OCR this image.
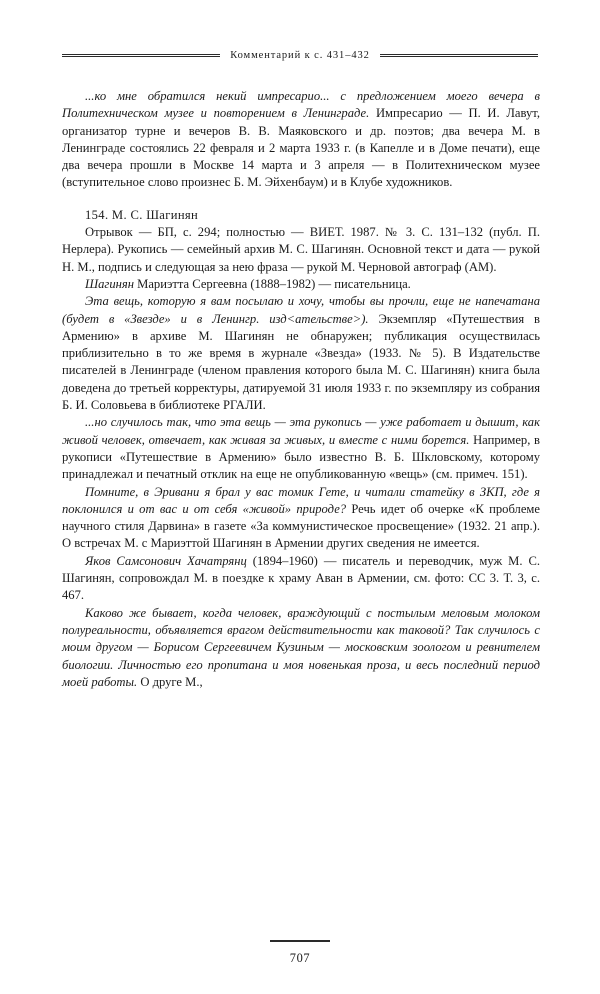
Комментарий к с. 431–432

...ко мне обратился некий импресарио... с предложением моего вечера в Политехническом музее и повторением в Ленинграде. Импресарио — П. И. Лавут, организатор турне и вечеров В. В. Маяковского и др. поэтов; два вечера М. в Ленинграде состоялись 22 февраля и 2 марта 1933 г. (в Капелле и в Доме печати), еще два вечера прошли в Москве 14 марта и 3 апреля — в Политехническом музее (вступительное слово произнес Б. М. Эйхенбаум) и в Клубе художников.

154. М. С. Шагинян

Отрывок — БП, с. 294; полностью — ВИЕТ. 1987. № 3. С. 131–132 (публ. П. Нерлера). Рукопись — семейный архив М. С. Шагинян. Основной текст и дата — рукой Н. М., подпись и следующая за нею фраза — рукой М. Черновой автограф (АМ).

Шагинян Мариэтта Сергеевна (1888–1982) — писательница.

Эта вещь, которую я вам посылаю и хочу, чтобы вы прочли, еще не напечатана (будет в «Звезде» и в Ленингр. изд<ательстве>). Экземпляр «Путешествия в Армению» в архиве М. Шагинян не обнаружен; публикация осуществилась приблизительно в то же время в журнале «Звезда» (1933. № 5). В Издательстве писателей в Ленинграде (членом правления которого была М. С. Шагинян) книга была доведена до третьей корректуры, датируемой 31 июля 1933 г. по экземпляру из собрания Б. И. Соловьева в библиотеке РГАЛИ.

...но случилось так, что эта вещь — эта рукопись — уже работает и дышит, как живой человек, отвечает, как живая за живых, и вместе с ними борется. Например, в рукописи «Путешествие в Армению» было известно В. Б. Шкловскому, которому принадлежал и печатный отклик на еще не опубликованную «вещь» (см. примеч. 151).

Помните, в Эривани я брал у вас томик Гете, и читали статейку в ЗКП, где я поклонился и от вас и от себя «живой» природе? Речь идет об очерке «К проблеме научного стиля Дарвина» в газете «За коммунистическое просвещение» (1932. 21 апр.). О встречах М. с Мариэттой Шагинян в Армении других сведения не имеется.

Яков Самсонович Хачатрянц (1894–1960) — писатель и переводчик, муж М. С. Шагинян, сопровождал М. в поездке к храму Аван в Армении, см. фото: СС 3. Т. 3, с. 467.

Каково же бывает, когда человек, враждующий с постылым меловым молоком полуреальности, объявляется врагом действительности как таковой? Так случилось с моим другом — Борисом Сергеевичем Кузиным — московским зоологом и ревнителем биологии. Личностью его пропитана и моя новенькая проза, и весь последний период моей работы. О друге М.,

707
